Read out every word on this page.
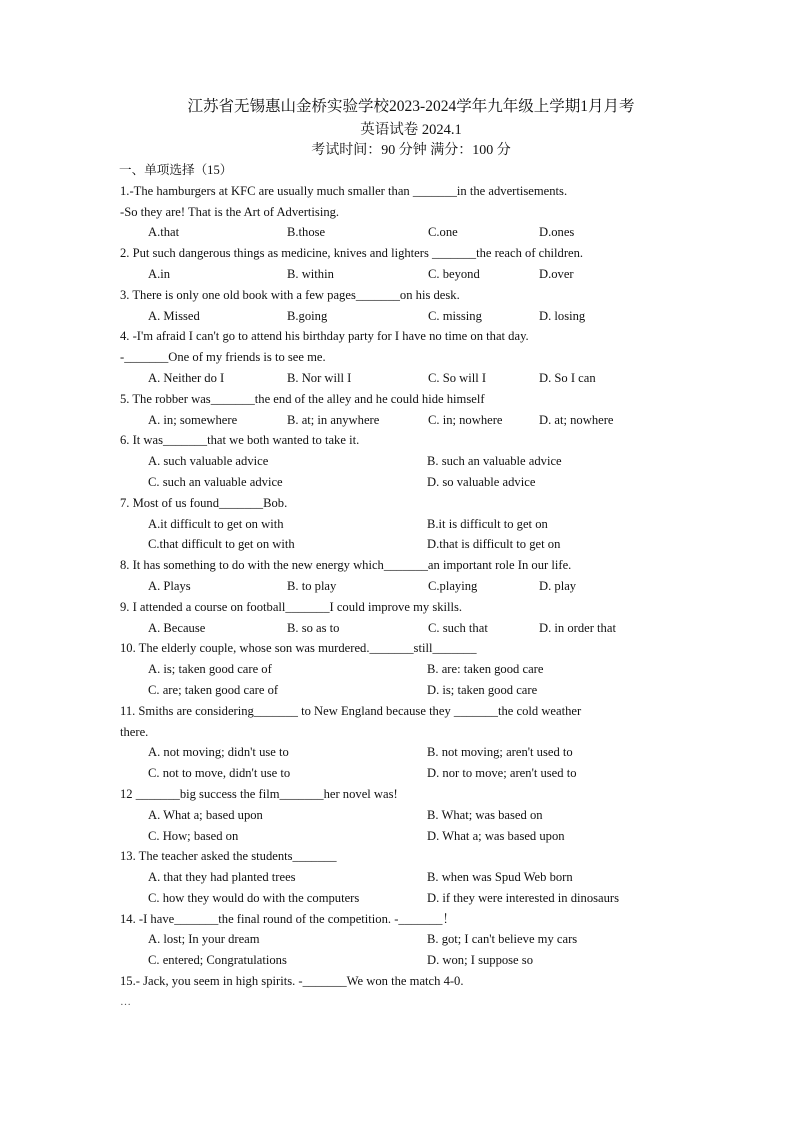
江苏省无锡惠山金桥实验学校2023-2024学年九年级上学期1月月考
英语试卷 2024.1
考试时间：90 分钟 满分：100 分
一、单项选择（15）
1.-The hamburgers at KFC are usually much smaller than _______in the advertisements.
-So they are! That is the Art of Advertising.
A.that	B.those	C.one	D.ones
2. Put such dangerous things as medicine, knives and lighters _______the reach of children.
A.in	B. within	C. beyond	D.over
3. There is only one old book with a few pages_______on his desk.
A. Missed	B.going	C. missing	D. losing
4. -I'm afraid I can't go to attend his birthday party for I have no time on that day.
-_______One of my friends is to see me.
A. Neither do I	B. Nor will I	C. So will I	D. So I can
5. The robber was_______the end of the alley and he could hide himself
A. in; somewhere	B. at; in anywhere	C. in; nowhere	D. at; nowhere
6. It was_______that we both wanted to take it.
A. such valuable advice	B. such an valuable advice
C. such an valuable advice	D. so valuable advice
7. Most of us found_______Bob.
A.it difficult to get on with	B.it is difficult to get on
C.that difficult to get on with	D.that is difficult to get on
8. It has something to do with the new energy which_______an important role In our life.
A. Plays	B. to play	C.playing	D. play
9. I attended a course on football_______I could improve my skills.
A. Because	B. so as to	C. such that	D. in order that
10. The elderly couple, whose son was murdered._______still_______
A. is; taken good care of	B. are: taken good care
C. are; taken good care of	D. is; taken good care
11. Smiths are considering_______ to New England because they _______the cold weather
there.
A. not moving; didn't use to	B. not moving; aren't used to
C. not to move, didn't use to	D. nor to move; aren't used to
12 _______big success the film_______her novel was!
A. What a; based upon	B. What; was based on
C. How; based on	D. What a; was based upon
13. The teacher asked the students_______
A. that they had planted trees	B. when was Spud Web born
C. how they would do with the computers	D. if they were interested in dinosaurs
14. -I have_______the final round of the competition. -_______！
A. lost; In your dream	B. got; I can't believe my cars
C. entered; Congratulations	D. won; I suppose so
15.- Jack, you seem in high spirits. -_______We won the match 4-0.
…
